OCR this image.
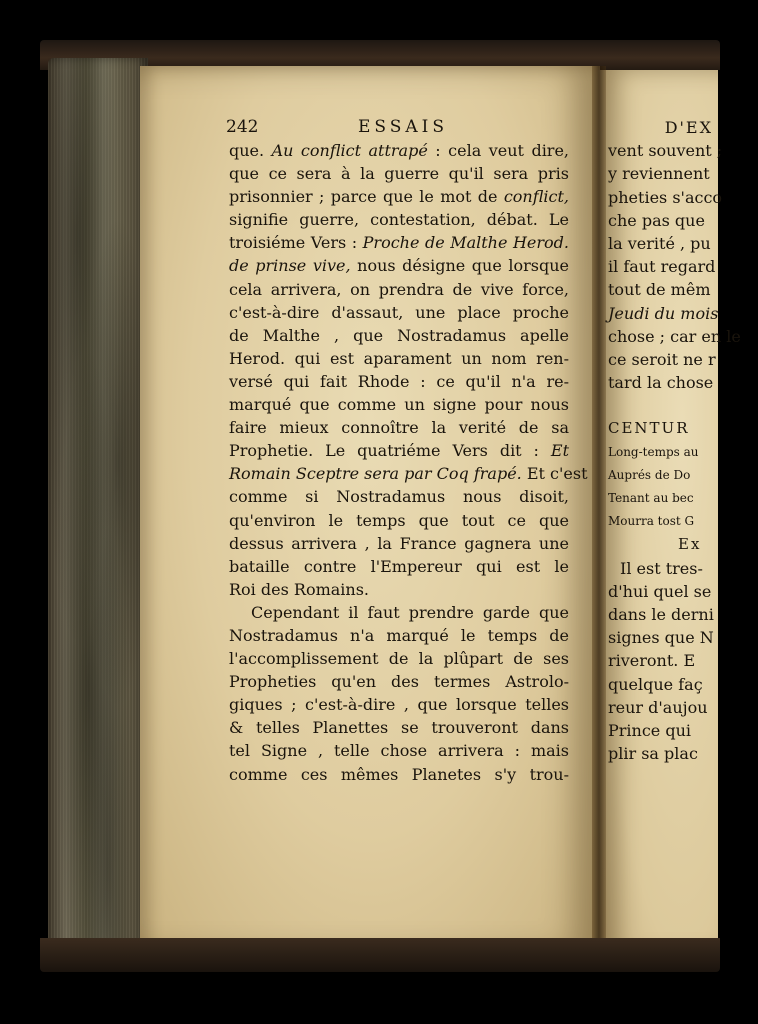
242	ESSAIS
que. Au conflict attrapé : cela veut dire,
que ce sera à la guerre qu'il sera pris
prisonnier ; parce que le mot de conflict,
signifie guerre, contestation, débat. Le
troisiéme Vers : Proche de Malthe Herod.
de prinse vive, nous désigne que lorsque
cela arrivera, on prendra de vive force,
c'est-à-dire d'assaut, une place proche
de Malthe , que Nostradamus apelle
Herod. qui est aparament un nom ren-
versé qui fait Rhode : ce qu'il n'a re-
marqué que comme un signe pour nous
faire mieux connoître la verité de sa
Prophetie. Le quatriéme Vers dit : Et
Romain Sceptre sera par Coq frapé. Et c'est
comme si Nostradamus nous disoit,
qu'environ le temps que tout ce que
dessus arrivera , la France gagnera une
bataille contre l'Empereur qui est le
Roi des Romains.
Cependant il faut prendre garde que
Nostradamus n'a marqué le temps de
l'accomplissement de la plûpart de ses
Propheties qu'en des termes Astrolo-
giques ; c'est-à-dire , que lorsque telles
& telles Planettes se trouveront dans
tel Signe , telle chose arrivera : mais
comme ces mêmes Planetes s'y trou-
D'EX
vent souvent ;
y reviennent
pheties s'acco
che pas que
la verité , pu
il faut regard
tout de mêm
Jeudi du mois
chose ; car en le
ce seroit ne r
tard la chose
CENTUR
Long-temps au
Auprés de Do
Tenant au bec
Mourra tost G
Ex
Il est tres-
d'hui quel se
dans le derni
signes que N
riveront. E
quelque faç
reur d'aujou
Prince qui
plir sa plac
